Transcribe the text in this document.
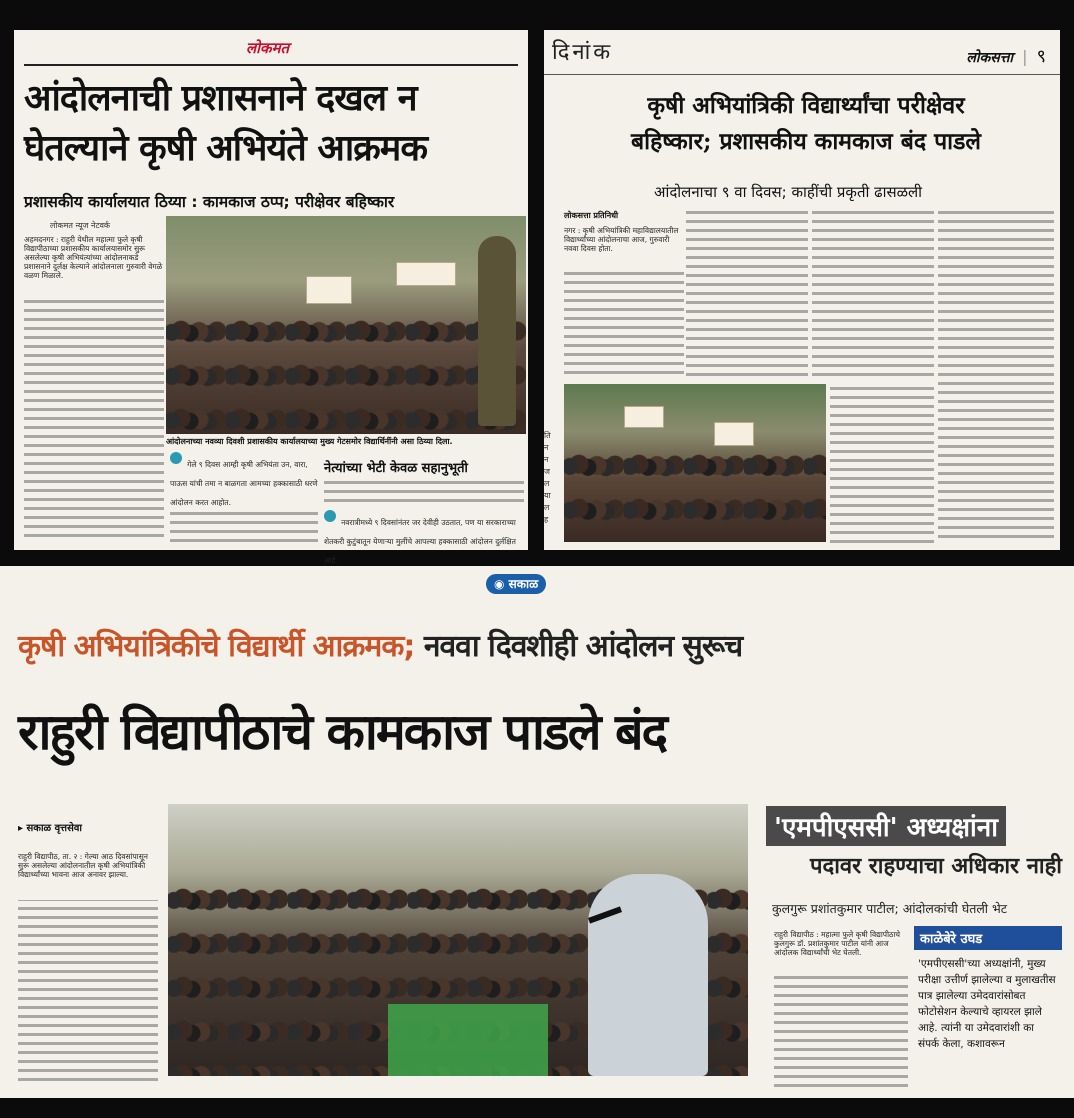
लोकमत
आंदोलनाची प्रशासनाने दखल न
घेतल्याने कृषी अभियंते आक्रमक
प्रशासकीय कार्यालयात ठिय्या : कामकाज ठप्प; परीक्षेवर बहिष्कार
लोकमत न्यूज नेटवर्क
अहमदनगर : राहुरी येथील महात्मा फुले कृषी विद्यापीठाच्या प्रशासकीय कार्यालयासमोर सुरू असलेल्या कृषी अभियंत्यांच्या आंदोलनाकडे प्रशासनाने दुर्लक्ष केल्याने आंदोलनाला गुरुवारी वेगळे वळण मिळाले.
आंदोलनाच्या नवव्या दिवशी प्रशासकीय कार्यालयाच्या मुख्य गेटसमोर विद्यार्थिनींनी असा ठिय्या दिला.
गेले ९ दिवस आम्ही कृषी अभियंता उन, वारा, पाऊस यांची तमा न बाळगता आमच्या हक्कासाठी धरणे आंदोलन करत आहोत.
नेत्यांच्या भेटी केवळ सहानुभूती
नवरात्रीमध्ये ९ दिवसांनंतर जर देवीही उठतात, पण या सरकाराच्या शेतकरी कुटुंबातून येणाऱ्या मुलींचे आपल्या हक्कासाठी आंदोलन दुर्लक्षित आहे.
दिनांक	लोकसत्ता | ९
कृषी अभियांत्रिकी विद्यार्थ्यांचा परीक्षेवर
बहिष्कार; प्रशासकीय कामकाज बंद पाडले
आंदोलनाचा ९ वा दिवस; काहींची प्रकृती ढासळली
ति न न ज ल या ल ह
लोकसत्ता प्रतिनिधी
नगर : कृषी अभियांत्रिकी महाविद्यालयातील विद्यार्थ्यांच्या आंदोलनाचा आज, गुरुवारी नववा दिवस होता.
◉ सकाळ
कृषी अभियांत्रिकीचे विद्यार्थी आक्रमक; नववा दिवशीही आंदोलन सुरूच
राहुरी विद्यापीठाचे कामकाज पाडले बंद
▸ सकाळ वृत्तसेवा
राहुरी विद्यापीठ, ता. २ : गेल्या आठ दिवसांपासून सुरू असलेल्या आंदोलनातील कृषी अभियांत्रिकी विद्यार्थ्यांच्या भावना आज अनावर झाल्या.
'एमपीएससी' अध्यक्षांना
पदावर राहण्याचा अधिकार नाही
कुलगुरू प्रशांतकुमार पाटील; आंदोलकांची घेतली भेट
राहुरी विद्यापीठ : महात्मा फुले कृषी विद्यापीठाचे कुलगुरू डॉ. प्रशांतकुमार पाटील यांनी आज आंदोलक विद्यार्थ्यांची भेट घेतली.
काळेबेरे उघड
'एमपीएससी'च्या अध्यक्षांनी, मुख्य परीक्षा उत्तीर्ण झालेल्या व मुलाखतीस पात्र झालेल्या उमेदवारांसोबत फोटोसेशन केल्याचे व्हायरल झाले आहे. त्यांनी या उमेदवारांशी का संपर्क केला, कशावरून
